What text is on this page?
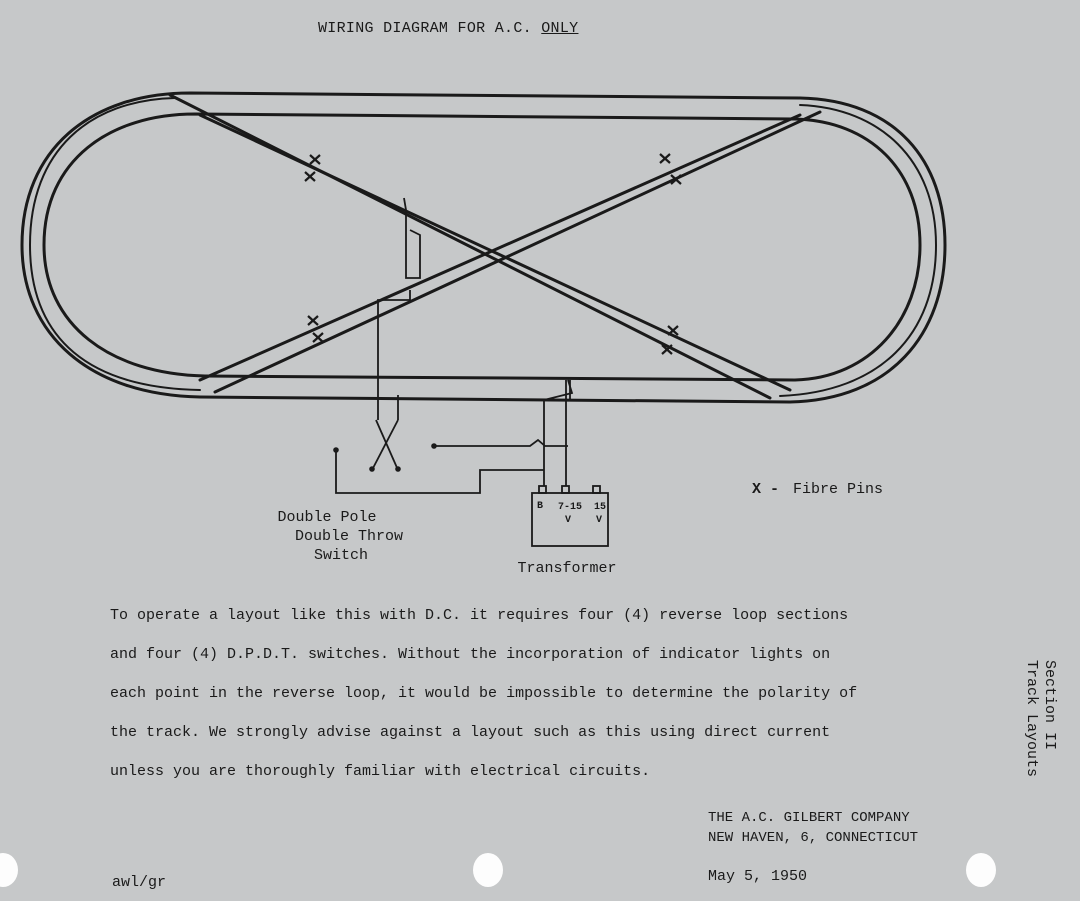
WIRING DIAGRAM FOR A.C. ONLY
B 7-15
V
15
V
Double Pole
Double Throw
Switch
Transformer
X - Fibre Pins
To operate a layout like this with D.C. it requires four (4) reverse loop sections
and four (4) D.P.D.T. switches. Without the incorporation of indicator lights on
each point in the reverse loop, it would be impossible to determine the polarity of
the track. We strongly advise against a layout such as this using direct current
unless you are thoroughly familiar with electrical circuits.
THE A.C. GILBERT COMPANY
NEW HAVEN, 6, CONNECTICUT
May 5, 1950
awl/gr
Section II
Track Layouts
